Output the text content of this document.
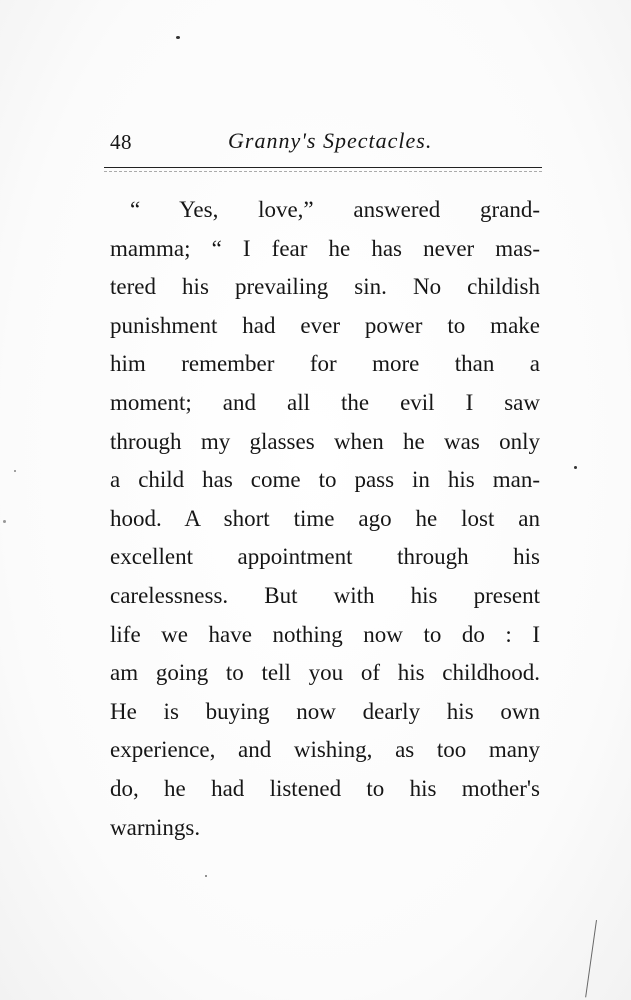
48	Granny's Spectacles.
“ Yes, love,” answered grand-
mamma; “ I fear he has never mas-
tered his prevailing sin. No childish
punishment had ever power to make
him remember for more than a
moment; and all the evil I saw
through my glasses when he was only
a child has come to pass in his man-
hood. A short time ago he lost an
excellent appointment through his
carelessness. But with his present
life we have nothing now to do : I
am going to tell you of his childhood.
He is buying now dearly his own
experience, and wishing, as too many
do, he had listened to his mother's
warnings.
